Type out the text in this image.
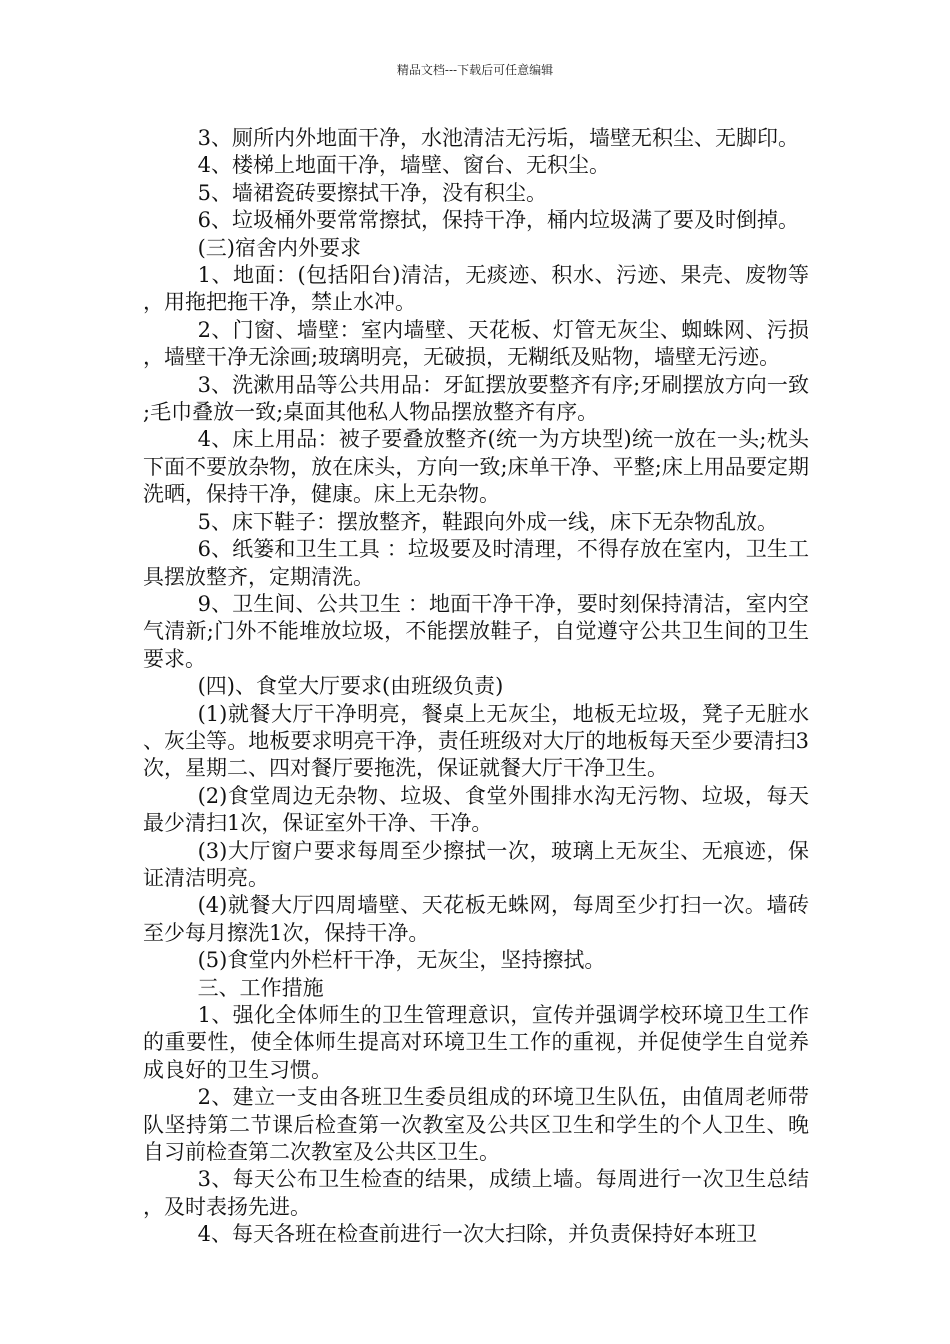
精品文档---下载后可任意编辑

3、厕所内外地面干净，水池清洁无污垢，墙壁无积尘、无脚印。

4、楼梯上地面干净，墙壁、窗台、无积尘。

5、墙裙瓷砖要擦拭干净，没有积尘。

6、垃圾桶外要常常擦拭，保持干净，桶内垃圾满了要及时倒掉。

(三)宿舍内外要求

1、地面：(包括阳台)清洁，无痰迹、积水、污迹、果壳、废物等，用拖把拖干净，禁止水冲。

2、门窗、墙壁：室内墙壁、天花板、灯管无灰尘、蜘蛛网、污损，墙壁干净无涂画;玻璃明亮，无破损，无糊纸及贴物，墙壁无污迹。

3、洗漱用品等公共用品：牙缸摆放要整齐有序;牙刷摆放方向一致;毛巾叠放一致;桌面其他私人物品摆放整齐有序。

4、床上用品：被子要叠放整齐(统一为方块型)统一放在一头;枕头下面不要放杂物，放在床头，方向一致;床单干净、平整;床上用品要定期洗晒，保持干净，健康。床上无杂物。

5、床下鞋子：摆放整齐，鞋跟向外成一线，床下无杂物乱放。

6、纸篓和卫生工具 ：垃圾要及时清理，不得存放在室内，卫生工具摆放整齐，定期清洗。

9、卫生间、公共卫生 ：地面干净干净，要时刻保持清洁，室内空气清新;门外不能堆放垃圾，不能摆放鞋子，自觉遵守公共卫生间的卫生要求。

(四)、食堂大厅要求(由班级负责)

(1)就餐大厅干净明亮，餐桌上无灰尘，地板无垃圾，凳子无脏水、灰尘等。地板要求明亮干净，责任班级对大厅的地板每天至少要清扫3次，星期二、四对餐厅要拖洗，保证就餐大厅干净卫生。

(2)食堂周边无杂物、垃圾、食堂外围排水沟无污物、垃圾，每天最少清扫1次，保证室外干净、干净。

(3)大厅窗户要求每周至少擦拭一次，玻璃上无灰尘、无痕迹，保证清洁明亮。

(4)就餐大厅四周墙壁、天花板无蛛网，每周至少打扫一次。墙砖至少每月擦洗1次，保持干净。

(5)食堂内外栏杆干净，无灰尘，坚持擦拭。

三、工作措施

1、强化全体师生的卫生管理意识，宣传并强调学校环境卫生工作的重要性，使全体师生提高对环境卫生工作的重视，并促使学生自觉养成良好的卫生习惯。

2、建立一支由各班卫生委员组成的环境卫生队伍，由值周老师带队坚持第二节课后检查第一次教室及公共区卫生和学生的个人卫生、晚自习前检查第二次教室及公共区卫生。

3、每天公布卫生检查的结果，成绩上墙。每周进行一次卫生总结，及时表扬先进。

4、每天各班在检查前进行一次大扫除，并负责保持好本班卫
